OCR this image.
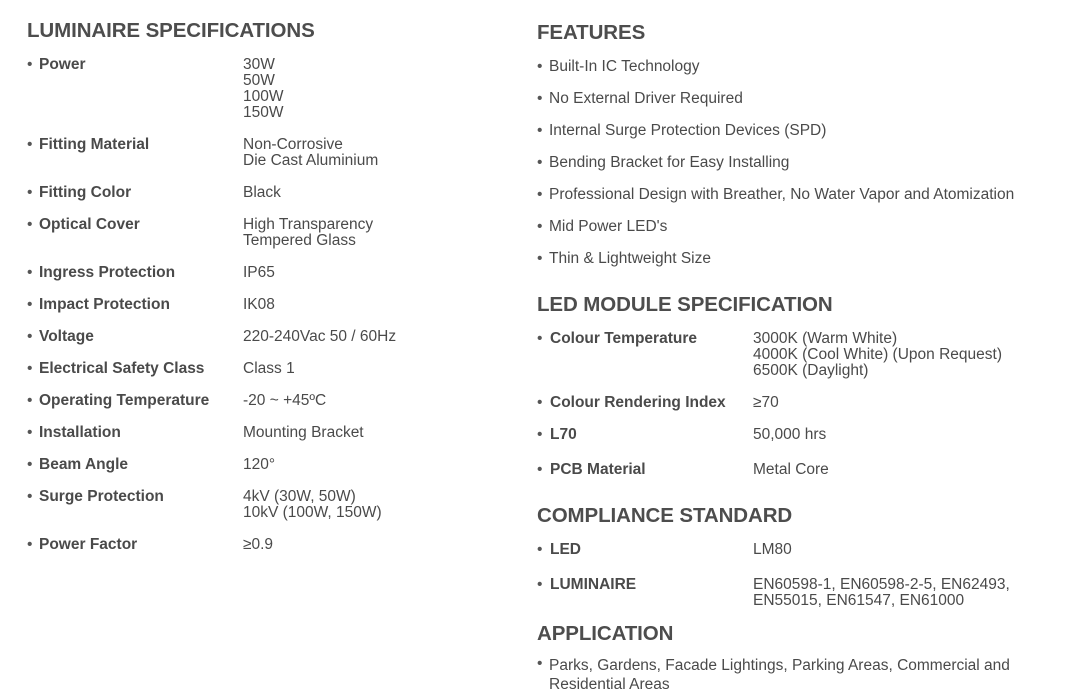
LUMINAIRE SPECIFICATIONS
• Power	30W
50W
100W
150W
• Fitting Material	Non-Corrosive
Die Cast Aluminium
• Fitting Color	Black
• Optical Cover	High Transparency
Tempered Glass
• Ingress Protection	IP65
• Impact Protection	IK08
• Voltage	220-240Vac 50 / 60Hz
• Electrical Safety Class Class 1
• Operating Temperature -20 ~ +45ºC
• Installation	Mounting Bracket
• Beam Angle	120°
• Surge Protection	4kV (30W, 50W)
10kV (100W, 150W)
• Power Factor	≥0.9
FEATURES
• Built-In IC Technology
• No External Driver Required
• Internal Surge Protection Devices (SPD)
• Bending Bracket for Easy Installing
• Professional Design with Breather, No Water Vapor and Atomization
• Mid Power LED's
• Thin & Lightweight Size
LED MODULE SPECIFICATION
• Colour Temperature	3000K (Warm White)
4000K (Cool White) (Upon Request)
6500K (Daylight)
• Colour Rendering Index ≥70
• L70	50,000 hrs
• PCB Material	Metal Core
COMPLIANCE STANDARD
• LED	LM80
• LUMINAIRE	EN60598-1, EN60598-2-5, EN62493,
EN55015, EN61547, EN61000
APPLICATION
• Parks, Gardens, Facade Lightings, Parking Areas, Commercial and Residential Areas
